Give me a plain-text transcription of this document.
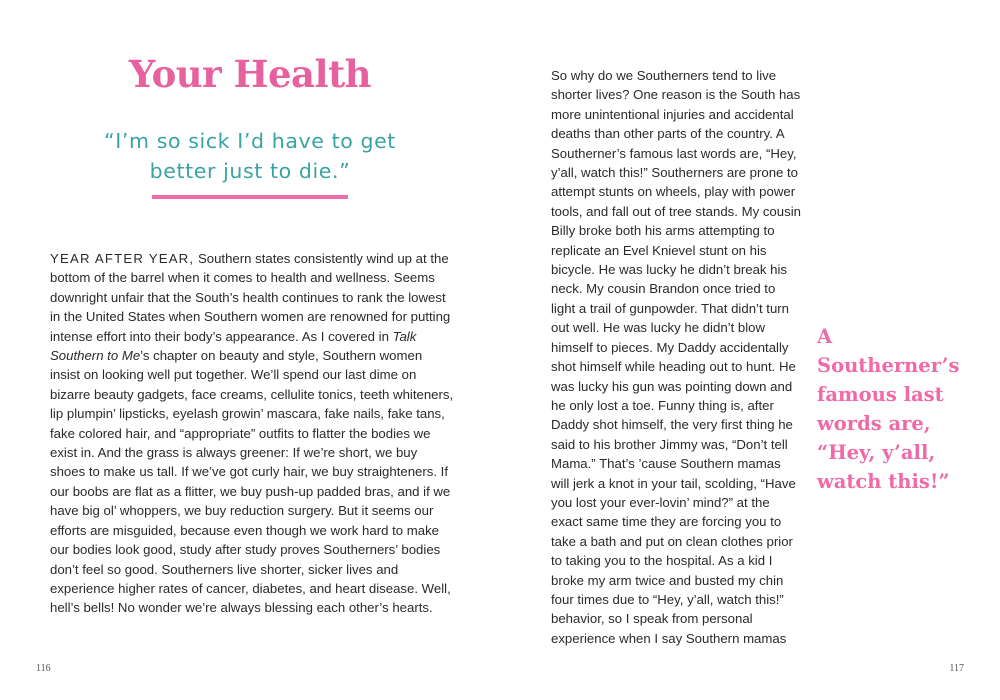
Your Health

“I’m so sick I’d have to get better just to die.”

YEAR AFTER YEAR, Southern states consistently wind up at the bottom of the barrel when it comes to health and wellness. Seems downright unfair that the South’s health continues to rank the lowest in the United States when Southern women are renowned for putting intense effort into their body’s appearance. As I covered in Talk Southern to Me’s chapter on beauty and style, Southern women insist on looking well put together. We’ll spend our last dime on bizarre beauty gadgets, face creams, cellulite tonics, teeth whiteners, lip plumpin’ lipsticks, eyelash growin’ mascara, fake nails, fake tans, fake colored hair, and “appropriate” outfits to flatter the bodies we exist in. And the grass is always greener: If we’re short, we buy shoes to make us tall. If we’ve got curly hair, we buy straighteners. If our boobs are flat as a flitter, we buy push-up padded bras, and if we have big ol’ whoppers, we buy reduction surgery. But it seems our efforts are misguided, because even though we work hard to make our bodies look good, study after study proves Southerners’ bodies don’t feel so good. Southerners live shorter, sicker lives and experience higher rates of cancer, diabetes, and heart disease. Well, hell’s bells! No wonder we’re always blessing each other’s hearts.

116

So why do we Southerners tend to live shorter lives? One reason is the South has more unintentional injuries and accidental deaths than other parts of the country. A Southerner’s famous last words are, “Hey, y’all, watch this!” Southerners are prone to attempt stunts on wheels, play with power tools, and fall out of tree stands. My cousin Billy broke both his arms attempting to replicate an Evel Knievel stunt on his bicycle. He was lucky he didn’t break his neck. My cousin Brandon once tried to light a trail of gunpowder. That didn’t turn out well. He was lucky he didn’t blow himself to pieces. My Daddy accidentally shot himself while heading out to hunt. He was lucky his gun was pointing down and he only lost a toe. Funny thing is, after Daddy shot himself, the very first thing he said to his brother Jimmy was, “Don’t tell Mama.” That’s ’cause Southern mamas will jerk a knot in your tail, scolding, “Have you lost your ever-lovin’ mind?” at the exact same time they are forcing you to take a bath and put on clean clothes prior to taking you to the hospital. As a kid I broke my arm twice and busted my chin four times due to “Hey, y’all, watch this!” behavior, so I speak from personal experience when I say Southern mamas

A Southerner’s famous last words are, “Hey, y’all, watch this!”

117
